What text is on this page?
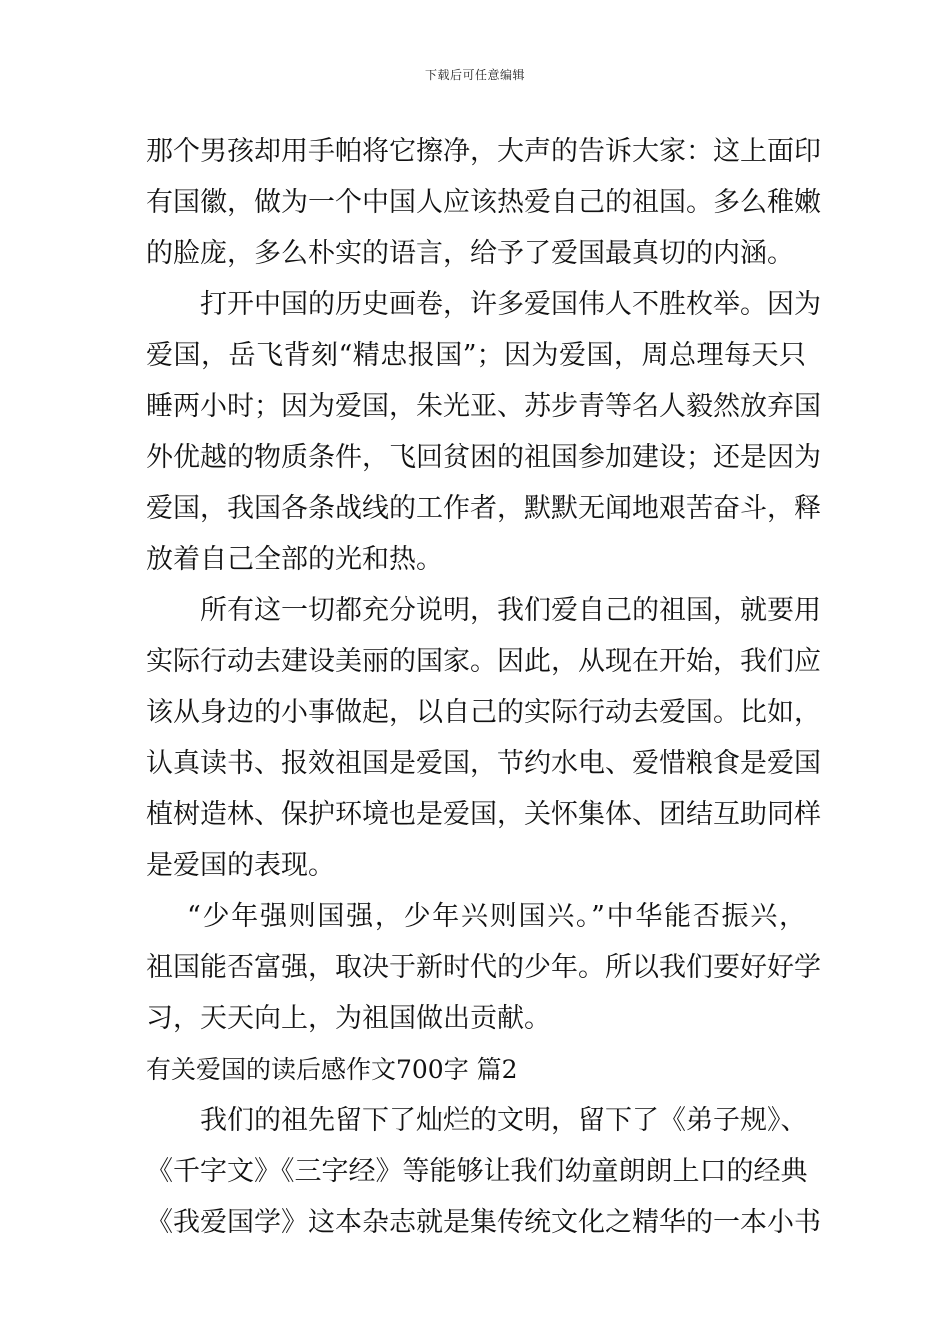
下载后可任意编辑
那个男孩却用手帕将它擦净，大声的告诉大家：这上面印
有国徽，做为一个中国人应该热爱自己的祖国。多么稚嫩
的脸庞，多么朴实的语言，给予了爱国最真切的内涵。
打开中国的历史画卷，许多爱国伟人不胜枚举。因为
爱国，岳飞背刻“精忠报国”；因为爱国，周总理每天只
睡两小时；因为爱国，朱光亚、苏步青等名人毅然放弃国
外优越的物质条件，飞回贫困的祖国参加建设；还是因为
爱国，我国各条战线的工作者，默默无闻地艰苦奋斗，释
放着自己全部的光和热。
所有这一切都充分说明，我们爱自己的祖国，就要用
实际行动去建设美丽的国家。因此，从现在开始，我们应
该从身边的小事做起，以自己的实际行动去爱国。比如，
认真读书、报效祖国是爱国，节约水电、爱惜粮食是爱国
植树造林、保护环境也是爱国，关怀集体、团结互助同样
是爱国的表现。
“少年强则国强，少年兴则国兴。”中华能否振兴，
祖国能否富强，取决于新时代的少年。所以我们要好好学
习，天天向上，为祖国做出贡献。
有关爱国的读后感作文700字 篇2
我们的祖先留下了灿烂的文明，留下了《弟子规》、
《千字文》《三字经》等能够让我们幼童朗朗上口的经典
《我爱国学》这本杂志就是集传统文化之精华的一本小书
